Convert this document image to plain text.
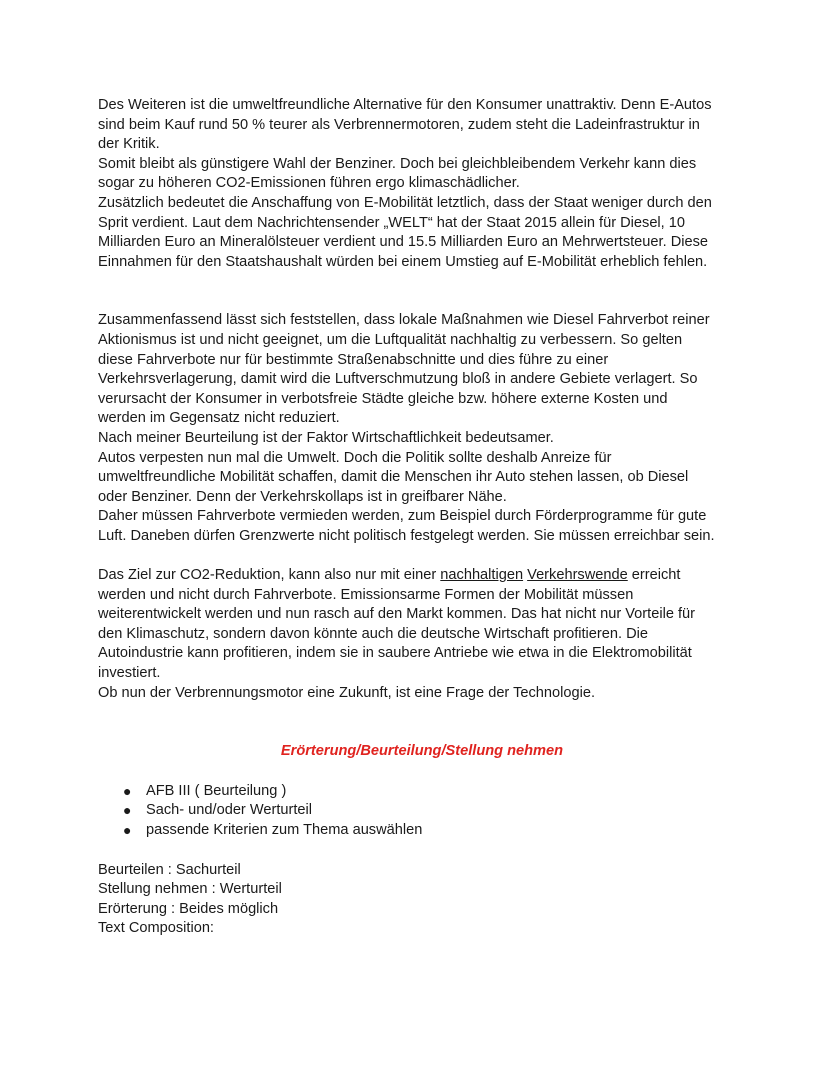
Des Weiteren ist die umweltfreundliche Alternative für den Konsumer unattraktiv. Denn E-Autos
sind beim Kauf rund 50 % teurer als Verbrennermotoren, zudem steht die Ladeinfrastruktur in
der Kritik.
Somit bleibt als günstigere Wahl der Benziner. Doch bei gleichbleibendem Verkehr kann dies
sogar zu höheren CO2-Emissionen führen ergo klimaschädlicher.
Zusätzlich bedeutet die Anschaffung von E-Mobilität letztlich, dass der Staat weniger durch den
Sprit verdient. Laut dem Nachrichtensender „WELT“ hat der Staat 2015 allein für Diesel, 10
Milliarden Euro an Mineralölsteuer verdient und 15.5 Milliarden Euro an Mehrwertsteuer. Diese
Einnahmen für den Staatshaushalt würden bei einem Umstieg auf E-Mobilität erheblich fehlen.

Zusammenfassend lässt sich feststellen, dass lokale Maßnahmen wie Diesel Fahrverbot reiner
Aktionismus ist und nicht geeignet, um die Luftqualität nachhaltig zu verbessern. So gelten
diese Fahrverbote nur für bestimmte Straßenabschnitte und dies führe zu einer
Verkehrsverlagerung, damit wird die Luftverschmutzung bloß in andere Gebiete verlagert. So
verursacht der Konsumer in verbotsfreie Städte gleiche bzw. höhere externe Kosten und
werden im Gegensatz nicht reduziert.
Nach meiner Beurteilung ist der Faktor Wirtschaftlichkeit bedeutsamer.
Autos verpesten nun mal die Umwelt. Doch die Politik sollte deshalb Anreize für
umweltfreundliche Mobilität schaffen, damit die Menschen ihr Auto stehen lassen, ob Diesel
oder Benziner. Denn der Verkehrskollaps ist in greifbarer Nähe.
Daher müssen Fahrverbote vermieden werden, zum Beispiel durch Förderprogramme für gute
Luft. Daneben dürfen Grenzwerte nicht politisch festgelegt werden. Sie müssen erreichbar sein.

Das Ziel zur CO2-Reduktion, kann also nur mit einer nachhaltigen Verkehrswende erreicht
werden und nicht durch Fahrverbote. Emissionsarme Formen der Mobilität müssen
weiterentwickelt werden und nun rasch auf den Markt kommen. Das hat nicht nur Vorteile für
den Klimaschutz, sondern davon könnte auch die deutsche Wirtschaft profitieren. Die
Autoindustrie kann profitieren, indem sie in saubere Antriebe wie etwa in die Elektromobilität
investiert.
Ob nun der Verbrennungsmotor eine Zukunft, ist eine Frage der Technologie.

Erörterung/Beurteilung/Stellung nehmen

● AFB III ( Beurteilung )
● Sach- und/oder Werturteil
● passende Kriterien zum Thema auswählen

Beurteilen : Sachurteil
Stellung nehmen : Werturteil
Erörterung : Beides möglich
Text Composition:
